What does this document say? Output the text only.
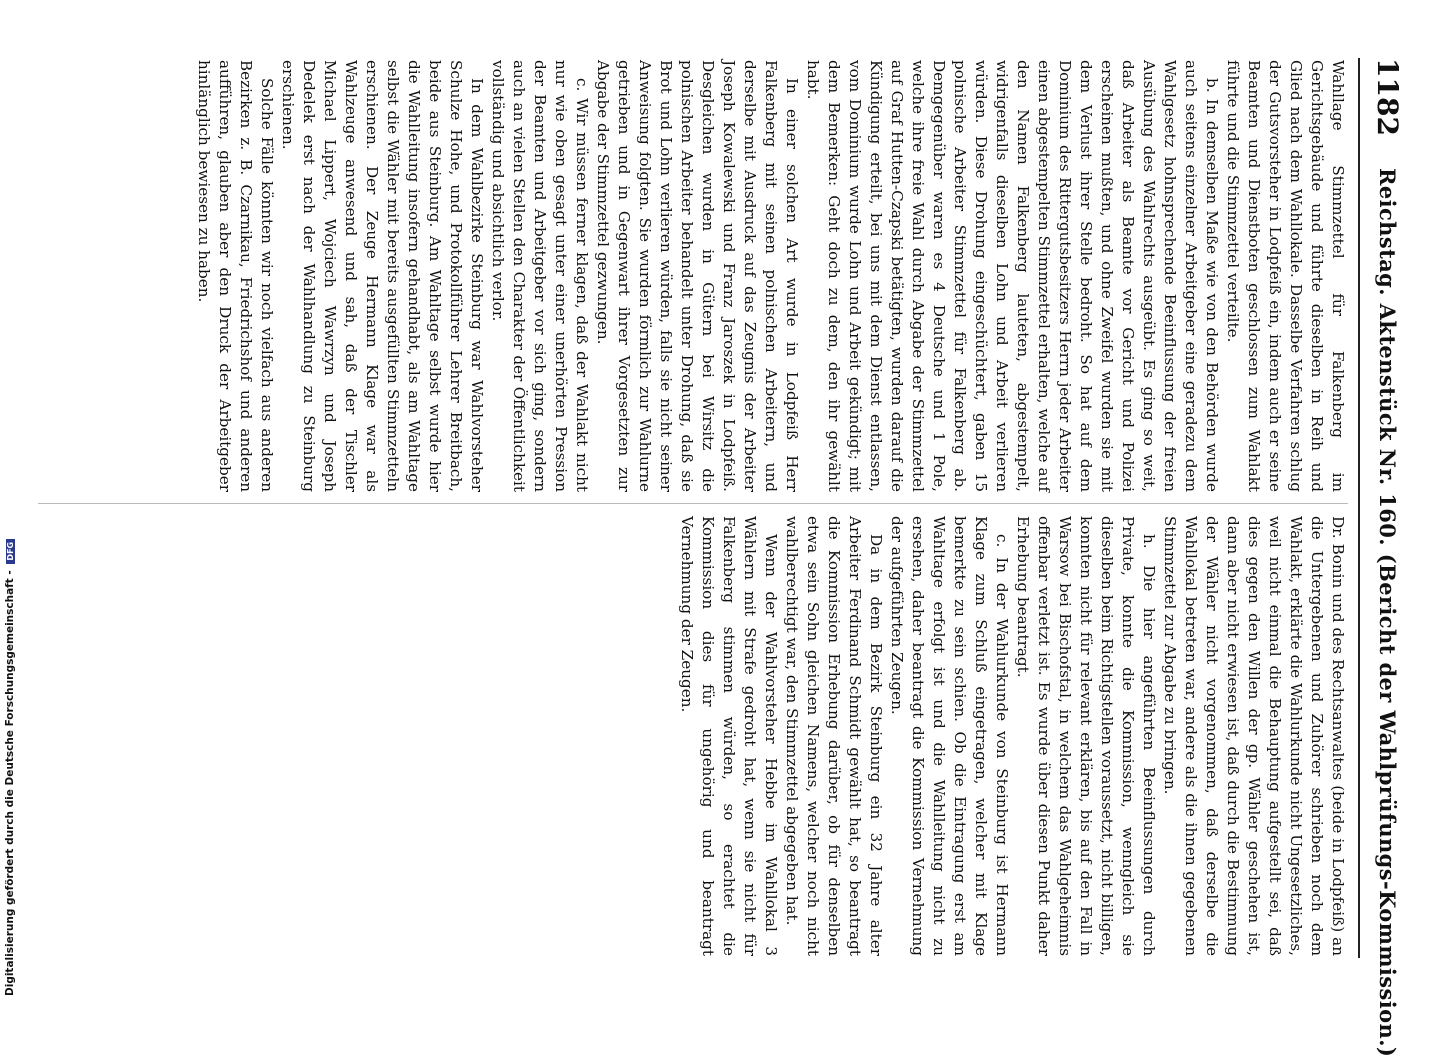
1182
Reichstag. Aktenstück Nr. 160. (Bericht der Wahlprüfungs-Kommission.)

Wahllage Stimmzettel für Falkenberg im Gerichtsgebäude und führte dieselben in Reih und Glied nach dem Wahllokale. Dasselbe Verfahren schlug der Gutsvorsteher in Lodpfeiß ein, indem auch er seine Beamten und Dienstboten geschlossen zum Wahlakt führte und die Stimmzettel verteilte.

b. In demselben Maße wie von den Behörden wurde auch seitens einzelner Arbeitgeber eine geradezu dem Wahlgesetz hohnsprechende Beeinflussung der freien Ausübung des Wahlrechts ausgeübt. Es ging so weit, daß Arbeiter als Beamte vor Gericht und Polizei erscheinen mußten, und ohne Zweifel wurden sie mit dem Verlust ihrer Stelle bedroht. So hat auf dem Dominium des Rittergutsbesitzers Herrn jeder Arbeiter einen abgestempelten Stimmzettel erhalten, welche auf den Namen Falkenberg lauteten, abgestempelt, widrigenfalls dieselben Lohn und Arbeit verlieren würden. Diese Drohung eingeschüchtert, gaben 15 polnische Arbeiter Stimmzettel für Falkenberg ab. Demgegenüber waren es 4 Deutsche und 1 Pole, welche ihre freie Wahl durch Abgabe der Stimmzettel auf Graf Hutten-Czapski betätigten, wurden darauf die Kündigung erteilt, bei uns mit dem Dienst entlassen, vom Dominium wurde Lohn und Arbeit gekündigt; mit dem Bemerken: Geht doch zu dem, den ihr gewählt habt.

In einer solchen Art wurde in Lodpfeiß Herr Falkenberg mit seinen polnischen Arbeitern, und derselbe mit Ausdruck auf das Zeugnis der Arbeiter Joseph Kowalewski und Franz Jaroszek in Lodpfeiß. Desgleichen wurden in Gütern bei Wirsitz die polnischen Arbeiter behandelt unter Drohung, daß sie Brot und Lohn verlieren würden, falls sie nicht seiner Anweisung folgten. Sie wurden förmlich zur Wahlurne getrieben und in Gegenwart ihrer Vorgesetzten zur Abgabe der Stimmzettel gezwungen.

c. Wir müssen ferner klagen, daß der Wahlakt nicht nur wie oben gesagt unter einer unerhörten Pression der Beamten und Arbeitgeber vor sich ging, sondern auch an vielen Stellen den Charakter der Öffentlichkeit vollständig und absichtlich verlor.

In dem Wahlbezirke Steinburg war Wahlvorsteher Schulze Hohe, und Protokollführer Lehrer Breitbach, beide aus Steinburg. Am Wahltage selbst wurde hier die Wahlleitung insofern gehandhabt, als am Wahltage selbst die Wähler mit bereits ausgefüllten Stimmzetteln erschienen. Der Zeuge Hermann Klage war als Wahlzeuge anwesend und sah, daß der Tischler Michael Lippert, Wojciech Wawrzyn und Joseph Dedelek erst nach der Wahlhandlung zu Steinburg erschienen.

Solche Fälle könnten wir noch vielfach aus anderen Bezirken z. B. Czarnikau, Friedrichshof und anderen aufführen, glauben aber den Druck der Arbeitgeber hinlänglich bewiesen zu haben.

Dr. Bonin und des Rechtsanwaltes (beide in Lodpfeiß) an die Untergebenen und Zuhörer schrieben noch dem Wahlakt, erklärte die Wahlurkunde nicht Ungesetzliches, weil nicht einmal die Behauptung aufgestellt sei, daß dies gegen den Willen der gp. Wähler geschehen ist, dann aber nicht erwiesen ist, daß durch die Bestimmung der Wähler nicht vorgenommen, daß derselbe die Wahllokal betreten war, andere als die ihnen gegebenen Stimmzettel zur Abgabe zu bringen.

h. Die hier angeführten Beeinflussungen durch Private, konnte die Kommission, wenngleich sie dieselben beim Richtigstellen voraussetzt, nicht billigen, konnten nicht für relevant erklären, bis auf den Fall in Warsow bei Bischofstal, in welchem das Wahlgeheimnis offenbar verletzt ist. Es wurde über diesen Punkt daher Erhebung beantragt.

c. In der Wahlurkunde von Steinburg ist Hermann Klage zum Schluß eingetragen, welcher mit Klage bemerkte zu sein schien. Ob die Eintragung erst am Wahltage erfolgt ist und die Wahlleitung nicht zu ersehen, daher beantragt die Kommission Vernehmung der aufgeführten Zeugen.

Da in dem Bezirk Steinburg ein 32 Jahre alter Arbeiter Ferdinand Schmidt gewählt hat, so beantragt die Kommission Erhebung darüber, ob für denselben etwa sein Sohn gleichen Namens, welcher noch nicht wahlberechtigt war, den Stimmzettel abgegeben hat.

Wenn der Wahlvorsteher Hebbe im Wahllokal 3 Wählern mit Strafe gedroht hat, wenn sie nicht für Falkenberg stimmen würden, so erachtet die Kommission dies für ungehörig und beantragt Vernehmung der Zeugen.

Digitalisierung gefördert durch die Deutsche Forschungsgemeinschaft - DFG
